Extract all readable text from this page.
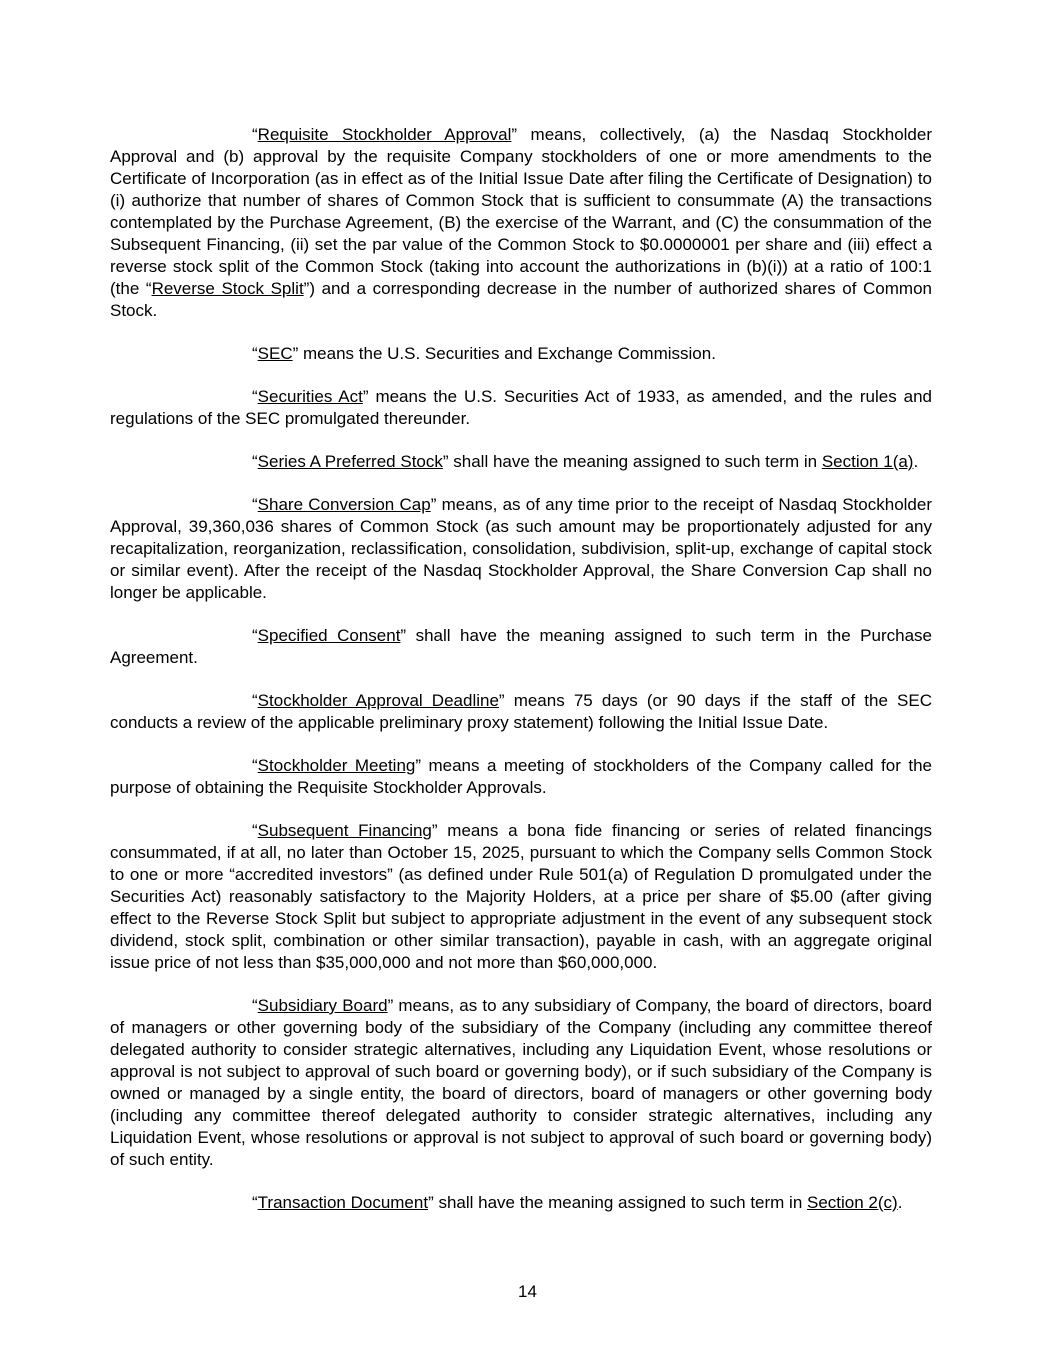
“Requisite Stockholder Approval” means, collectively, (a) the Nasdaq Stockholder Approval and (b) approval by the requisite Company stockholders of one or more amendments to the Certificate of Incorporation (as in effect as of the Initial Issue Date after filing the Certificate of Designation) to (i) authorize that number of shares of Common Stock that is sufficient to consummate (A) the transactions contemplated by the Purchase Agreement, (B) the exercise of the Warrant, and (C) the consummation of the Subsequent Financing, (ii) set the par value of the Common Stock to $0.0000001 per share and (iii) effect a reverse stock split of the Common Stock (taking into account the authorizations in (b)(i)) at a ratio of 100:1 (the “Reverse Stock Split”) and a corresponding decrease in the number of authorized shares of Common Stock.

“SEC” means the U.S. Securities and Exchange Commission.

“Securities Act” means the U.S. Securities Act of 1933, as amended, and the rules and regulations of the SEC promulgated thereunder.

“Series A Preferred Stock” shall have the meaning assigned to such term in Section 1(a).

“Share Conversion Cap” means, as of any time prior to the receipt of Nasdaq Stockholder Approval, 39,360,036 shares of Common Stock (as such amount may be proportionately adjusted for any recapitalization, reorganization, reclassification, consolidation, subdivision, split-up, exchange of capital stock or similar event). After the receipt of the Nasdaq Stockholder Approval, the Share Conversion Cap shall no longer be applicable.

“Specified Consent” shall have the meaning assigned to such term in the Purchase Agreement.

“Stockholder Approval Deadline” means 75 days (or 90 days if the staff of the SEC conducts a review of the applicable preliminary proxy statement) following the Initial Issue Date.

“Stockholder Meeting” means a meeting of stockholders of the Company called for the purpose of obtaining the Requisite Stockholder Approvals.

“Subsequent Financing” means a bona fide financing or series of related financings consummated, if at all, no later than October 15, 2025, pursuant to which the Company sells Common Stock to one or more “accredited investors” (as defined under Rule 501(a) of Regulation D promulgated under the Securities Act) reasonably satisfactory to the Majority Holders, at a price per share of $5.00 (after giving effect to the Reverse Stock Split but subject to appropriate adjustment in the event of any subsequent stock dividend, stock split, combination or other similar transaction), payable in cash, with an aggregate original issue price of not less than $35,000,000 and not more than $60,000,000.

“Subsidiary Board” means, as to any subsidiary of Company, the board of directors, board of managers or other governing body of the subsidiary of the Company (including any committee thereof delegated authority to consider strategic alternatives, including any Liquidation Event, whose resolutions or approval is not subject to approval of such board or governing body), or if such subsidiary of the Company is owned or managed by a single entity, the board of directors, board of managers or other governing body (including any committee thereof delegated authority to consider strategic alternatives, including any Liquidation Event, whose resolutions or approval is not subject to approval of such board or governing body) of such entity.

“Transaction Document” shall have the meaning assigned to such term in Section 2(c).

14
